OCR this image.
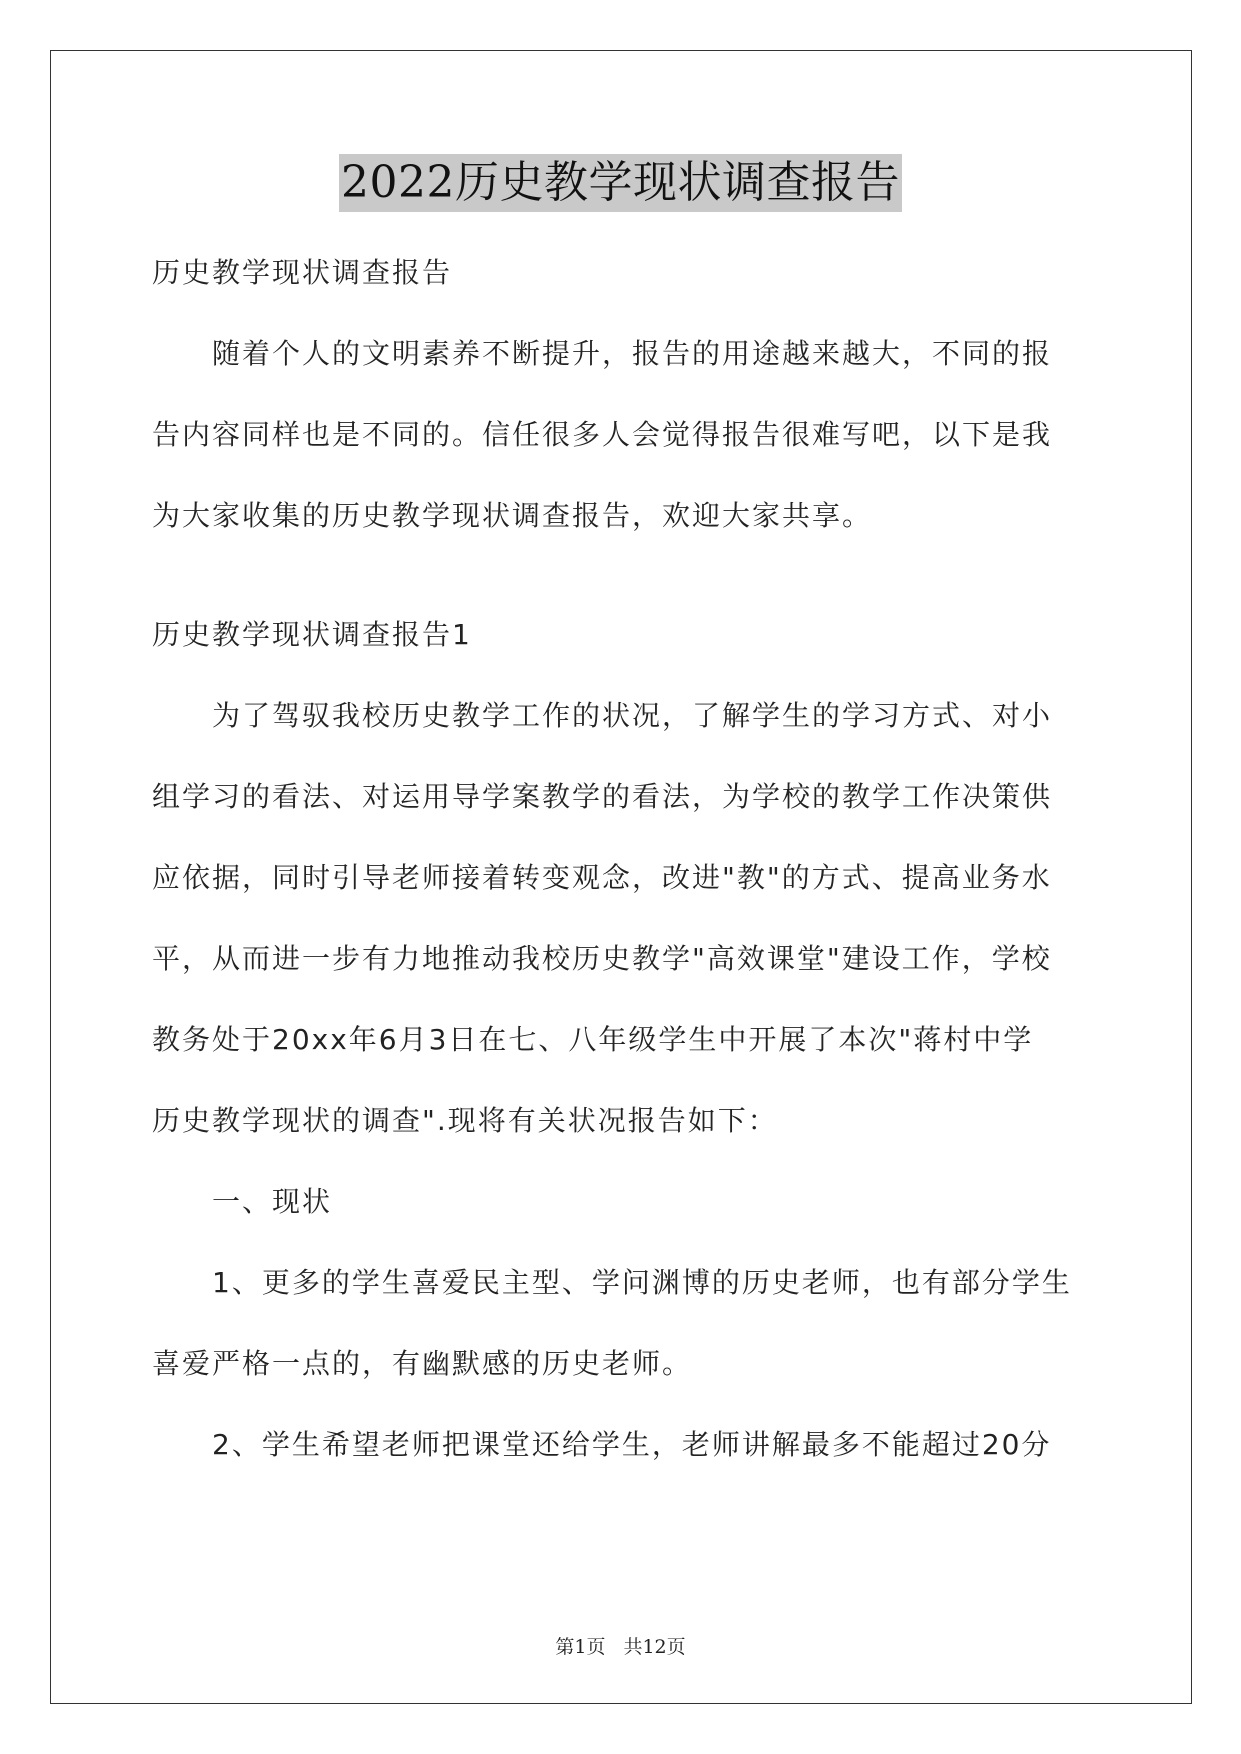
2022历史教学现状调查报告

历史教学现状调查报告

随着个人的文明素养不断提升，报告的用途越来越大，不同的报

告内容同样也是不同的。信任很多人会觉得报告很难写吧，以下是我

为大家收集的历史教学现状调查报告，欢迎大家共享。

历史教学现状调查报告1

为了驾驭我校历史教学工作的状况，了解学生的学习方式、对小

组学习的看法、对运用导学案教学的看法，为学校的教学工作决策供

应依据，同时引导老师接着转变观念，改进"教"的方式、提高业务水

平，从而进一步有力地推动我校历史教学"高效课堂"建设工作，学校

教务处于20xx年6月3日在七、八年级学生中开展了本次"蒋村中学

历史教学现状的调查".现将有关状况报告如下：

一、现状

1、更多的学生喜爱民主型、学问渊博的历史老师，也有部分学生

喜爱严格一点的，有幽默感的历史老师。

2、学生希望老师把课堂还给学生，老师讲解最多不能超过20分

第1页 共12页
